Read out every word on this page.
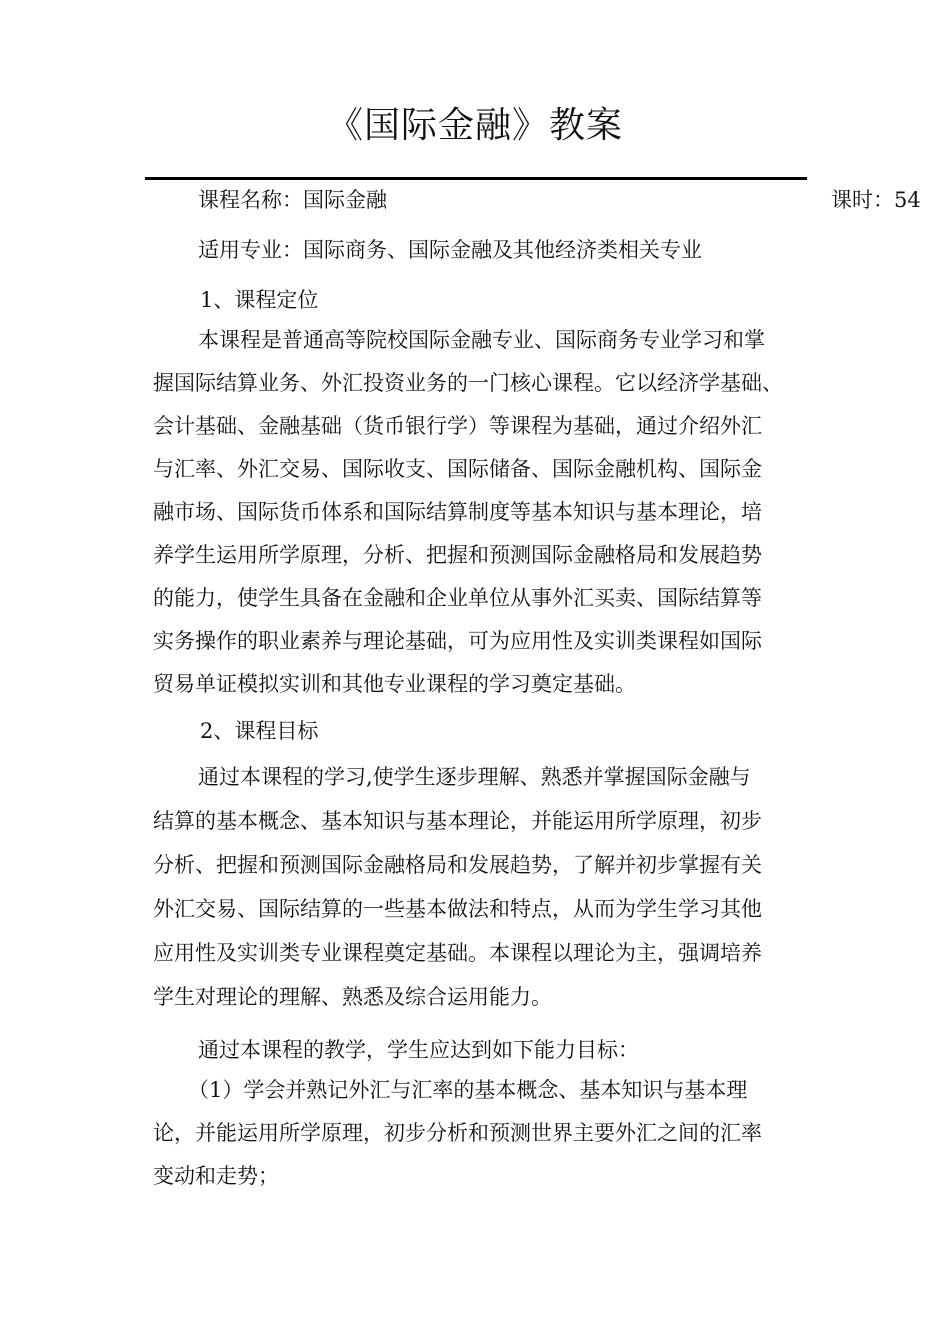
《国际金融》教案
课程名称：国际金融	课时：54
适用专业：国际商务、国际金融及其他经济类相关专业
1、课程定位
本课程是普通高等院校国际金融专业、国际商务专业学习和掌
握国际结算业务、外汇投资业务的一门核心课程。它以经济学基础、
会计基础、金融基础（货币银行学）等课程为基础，通过介绍外汇
与汇率、外汇交易、国际收支、国际储备、国际金融机构、国际金
融市场、国际货币体系和国际结算制度等基本知识与基本理论，培
养学生运用所学原理，分析、把握和预测国际金融格局和发展趋势
的能力，使学生具备在金融和企业单位从事外汇买卖、国际结算等
实务操作的职业素养与理论基础，可为应用性及实训类课程如国际
贸易单证模拟实训和其他专业课程的学习奠定基础。
2、课程目标
通过本课程的学习,使学生逐步理解、熟悉并掌握国际金融与
结算的基本概念、基本知识与基本理论，并能运用所学原理，初步
分析、把握和预测国际金融格局和发展趋势，了解并初步掌握有关
外汇交易、国际结算的一些基本做法和特点，从而为学生学习其他
应用性及实训类专业课程奠定基础。本课程以理论为主，强调培养
学生对理论的理解、熟悉及综合运用能力。
通过本课程的教学，学生应达到如下能力目标：
（1）学会并熟记外汇与汇率的基本概念、基本知识与基本理
论，并能运用所学原理，初步分析和预测世界主要外汇之间的汇率
变动和走势；
